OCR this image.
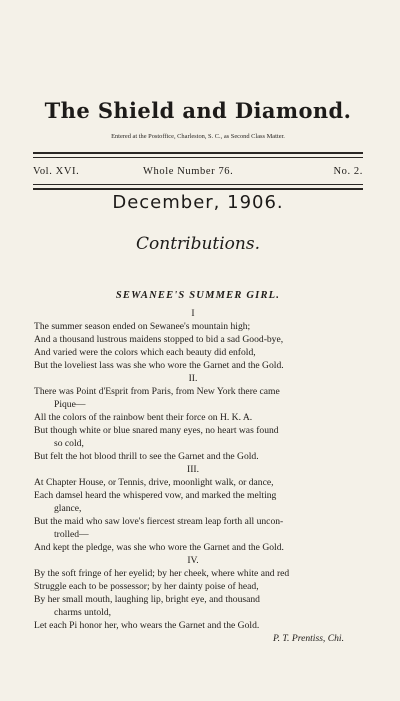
The Shield and Diamond.
Entered at the Postoffice, Charleston, S. C., as Second Class Matter.
Vol. XVI.	Whole Number 76.	No. 2.
December, 1906.
Contributions.
SEWANEE'S SUMMER GIRL.
I
The summer season ended on Sewanee's mountain high;
And a thousand lustrous maidens stopped to bid a sad Good-bye,
And varied were the colors which each beauty did enfold,
But the loveliest lass was she who wore the Garnet and the Gold.
II.
There was Point d'Esprit from Paris, from New York there came
Pique—
All the colors of the rainbow bent their force on H. K. A.
But though white or blue snared many eyes, no heart was found
so cold,
But felt the hot blood thrill to see the Garnet and the Gold.
III.
At Chapter House, or Tennis, drive, moonlight walk, or dance,
Each damsel heard the whispered vow, and marked the melting
glance,
But the maid who saw love's fiercest stream leap forth all uncon-
trolled—
And kept the pledge, was she who wore the Garnet and the Gold.
IV.
By the soft fringe of her eyelid; by her cheek, where white and red
Struggle each to be possessor; by her dainty poise of head,
By her small mouth, laughing lip, bright eye, and thousand
charms untold,
Let each Pi honor her, who wears the Garnet and the Gold.
P. T. Prentiss, Chi.
